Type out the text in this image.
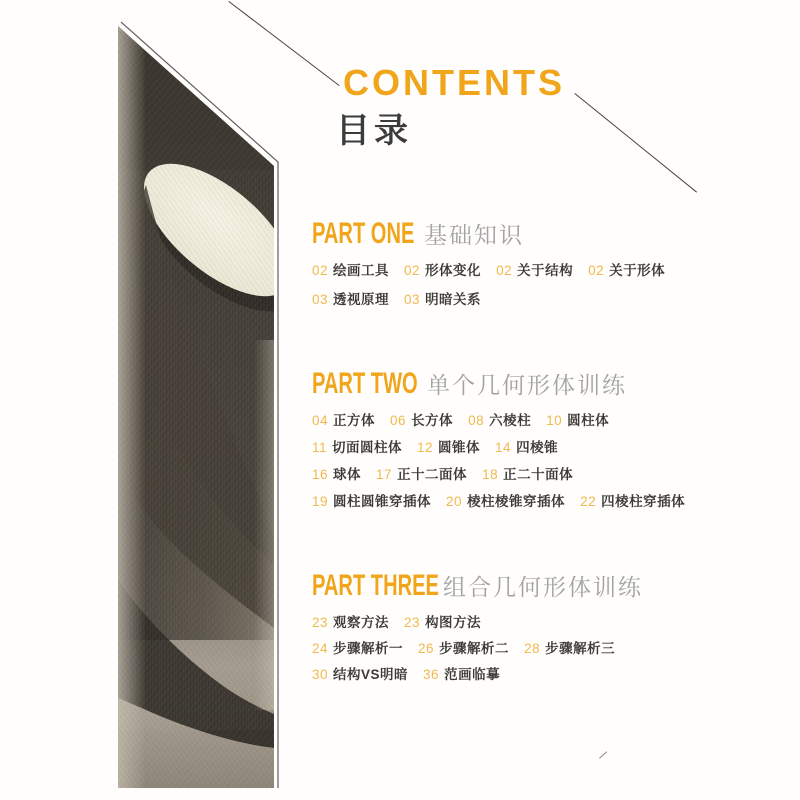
CONTENTS
目录
PART ONE 基础知识
02 绘画工具 02 形体变化 02 关于结构 02 关于形体
03 透视原理 03 明暗关系
PART TWO 单个几何形体训练
04 正方体 06 长方体 08 六棱柱 10 圆柱体
11 切面圆柱体 12 圆锥体 14 四棱锥
16 球体 17 正十二面体 18 正二十面体
19 圆柱圆锥穿插体 20 棱柱棱锥穿插体 22 四棱柱穿插体
PART THREE 组合几何形体训练
23 观察方法 23 构图方法
24 步骤解析一 26 步骤解析二 28 步骤解析三
30 结构VS明暗 36 范画临摹
